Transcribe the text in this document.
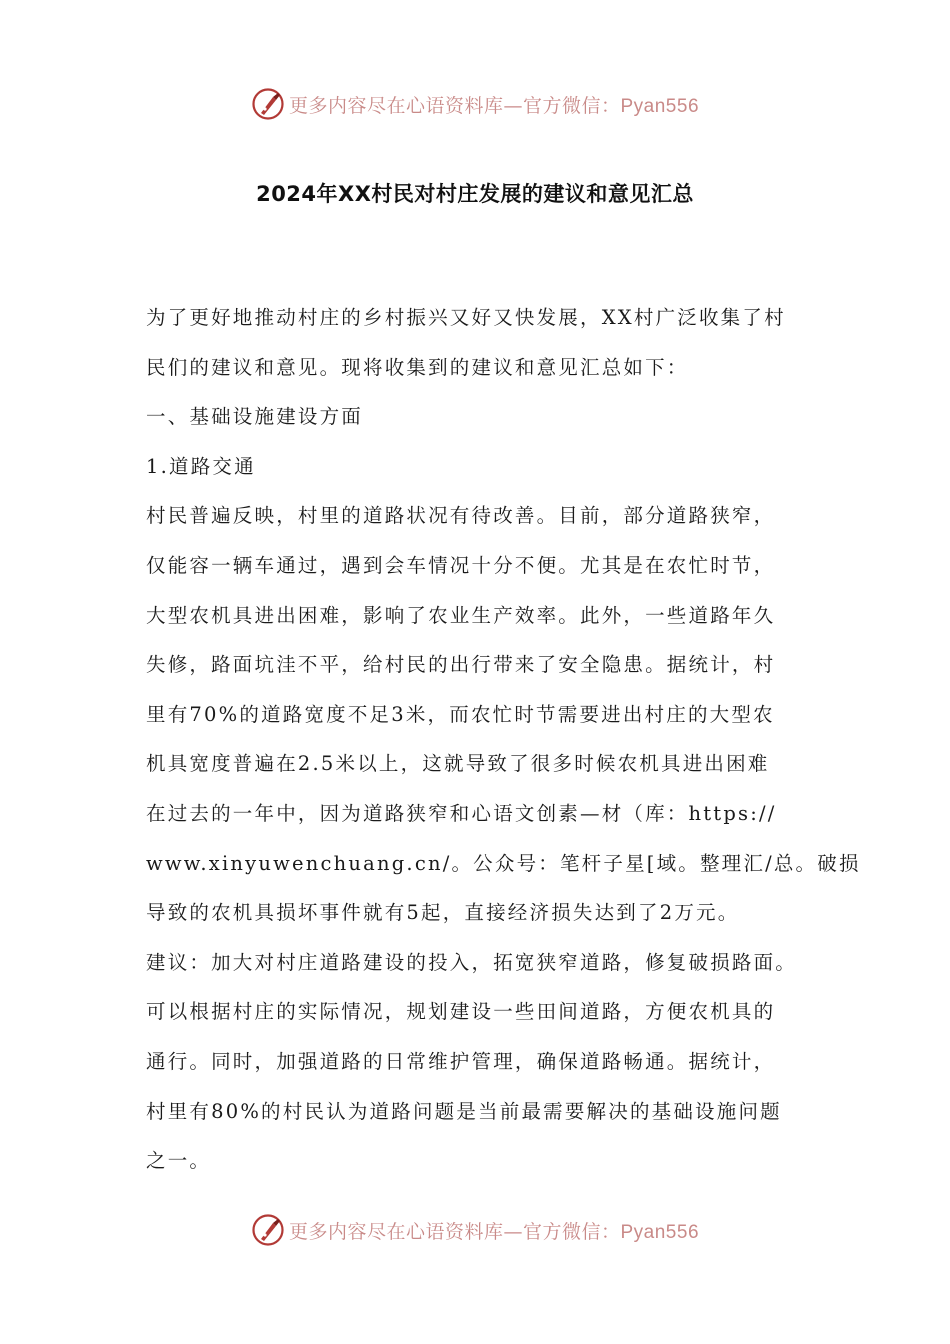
更多内容尽在心语资料库—官方微信：Pyan556
2024年XX村民对村庄发展的建议和意见汇总
为了更好地推动村庄的乡村振兴又好又快发展，XX村广泛收集了村
民们的建议和意见。现将收集到的建议和意见汇总如下：
一、基础设施建设方面
1.道路交通
村民普遍反映，村里的道路状况有待改善。目前，部分道路狭窄，
仅能容一辆车通过，遇到会车情况十分不便。尤其是在农忙时节，
大型农机具进出困难，影响了农业生产效率。此外，一些道路年久
失修，路面坑洼不平，给村民的出行带来了安全隐患。据统计，村
里有70%的道路宽度不足3米，而农忙时节需要进出村庄的大型农
机具宽度普遍在2.5米以上，这就导致了很多时候农机具进出困难
在过去的一年中，因为道路狭窄和心语文创素—材（库：https://
www.xinyuwenchuang.cn/。公众号：笔杆子星[域。整理汇/总。破损
导致的农机具损坏事件就有5起，直接经济损失达到了2万元。
建议：加大对村庄道路建设的投入，拓宽狭窄道路，修复破损路面。
可以根据村庄的实际情况，规划建设一些田间道路，方便农机具的
通行。同时，加强道路的日常维护管理，确保道路畅通。据统计，
村里有80%的村民认为道路问题是当前最需要解决的基础设施问题
之一。
更多内容尽在心语资料库—官方微信：Pyan556
